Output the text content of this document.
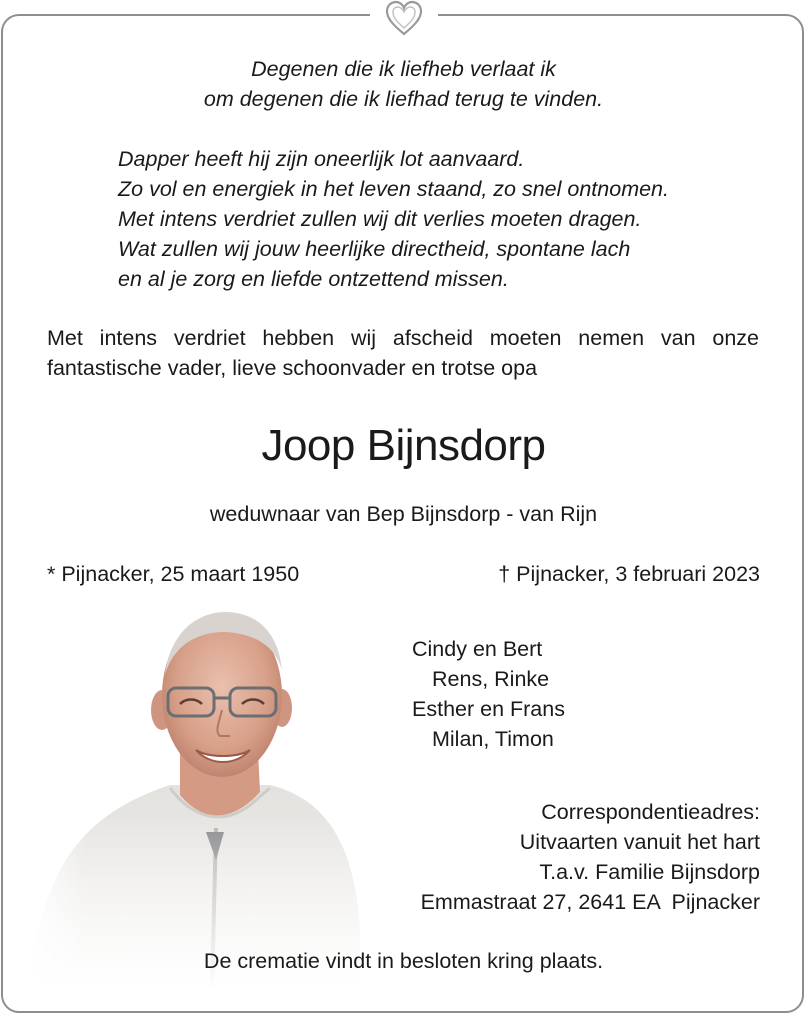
Degenen die ik liefheb verlaat ik
om degenen die ik liefhad terug te vinden.
Dapper heeft hij zijn oneerlijk lot aanvaard.
Zo vol en energiek in het leven staand, zo snel ontnomen.
Met intens verdriet zullen wij dit verlies moeten dragen.
Wat zullen wij jouw heerlijke directheid, spontane lach
en al je zorg en liefde ontzettend missen.
Met intens verdriet hebben wij afscheid moeten nemen van onze
fantastische vader, lieve schoonvader en trotse opa
Joop Bijnsdorp
weduwnaar van Bep Bijnsdorp - van Rijn
* Pijnacker, 25 maart 1950	† Pijnacker, 3 februari 2023
Cindy en Bert
Rens, Rinke
Esther en Frans
Milan, Timon
Correspondentieadres:
Uitvaarten vanuit het hart
T.a.v. Familie Bijnsdorp
Emmastraat 27, 2641 EA  Pijnacker
De crematie vindt in besloten kring plaats.
